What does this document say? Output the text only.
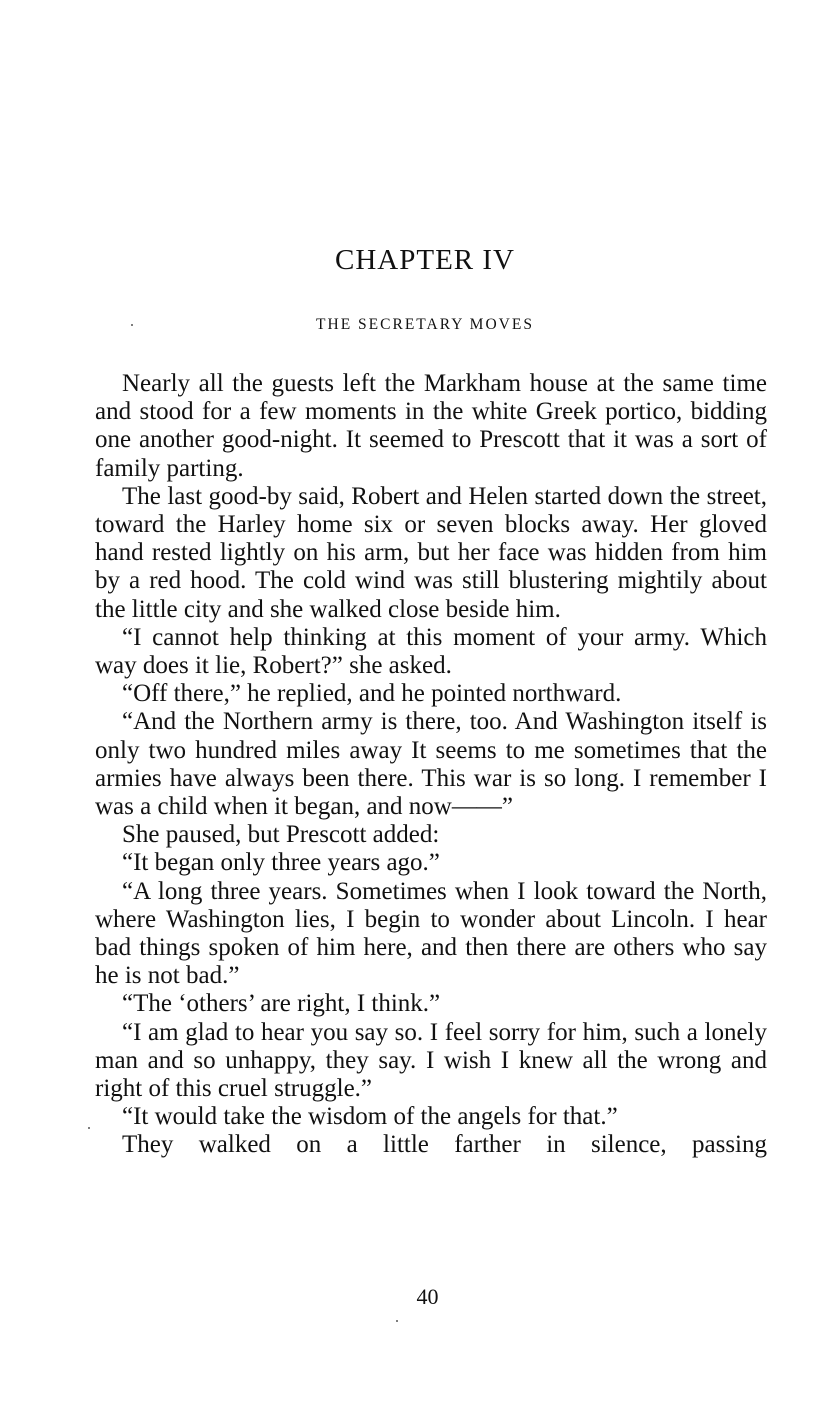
CHAPTER IV
THE SECRETARY MOVES

Nearly all the guests left the Markham house at the same time and stood for a few moments in the white Greek portico, bidding one another good-night. It seemed to Prescott that it was a sort of family parting.

The last good-by said, Robert and Helen started down the street, toward the Harley home six or seven blocks away. Her gloved hand rested lightly on his arm, but her face was hidden from him by a red hood. The cold wind was still blustering mightily about the little city and she walked close beside him.

“I cannot help thinking at this moment of your army. Which way does it lie, Robert?” she asked.

“Off there,” he replied, and he pointed northward.

“And the Northern army is there, too. And Washington itself is only two hundred miles away It seems to me sometimes that the armies have always been there. This war is so long. I remember I was a child when it began, and now——”

She paused, but Prescott added:

“It began only three years ago.”

“A long three years. Sometimes when I look toward the North, where Washington lies, I begin to wonder about Lincoln. I hear bad things spoken of him here, and then there are others who say he is not bad.”

“The ‘others’ are right, I think.”

“I am glad to hear you say so. I feel sorry for him, such a lonely man and so unhappy, they say. I wish I knew all the wrong and right of this cruel struggle.”

“It would take the wisdom of the angels for that.”

They walked on a little farther in silence, passing

40
